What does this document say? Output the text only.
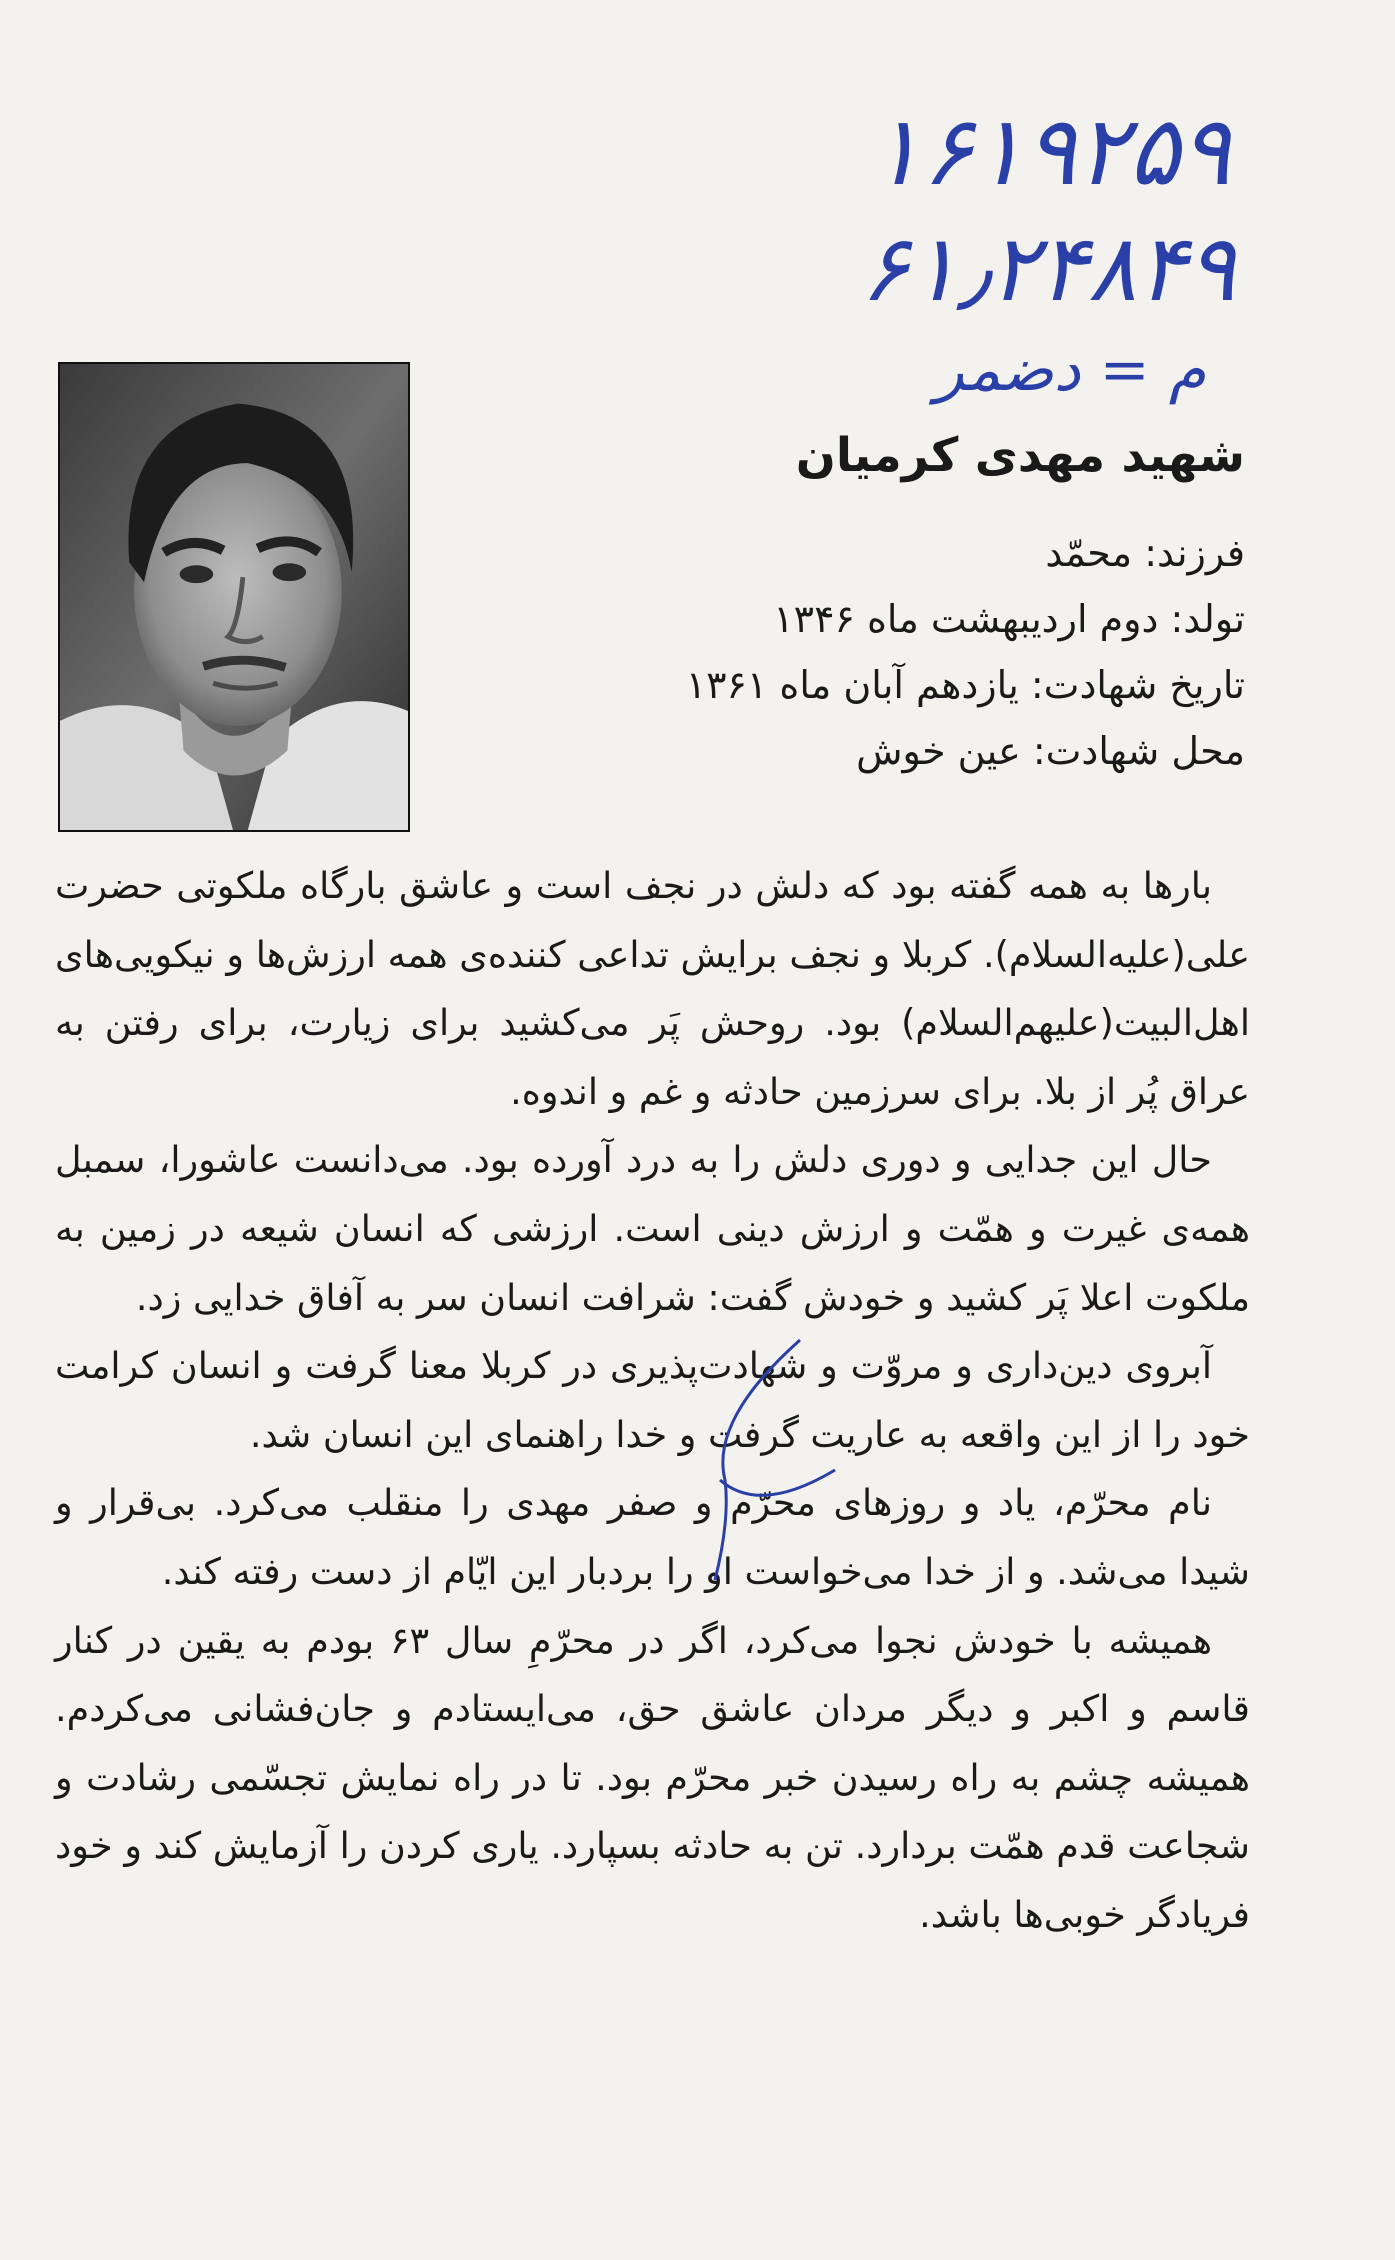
۱۶۱۹۲۵۹
۶۱٫۲۴۸۴۹
م = د‌‌‌‌‌‌ضمر
شهید مهدی کرمیان

فرزند: محمّد

تولد: دوم اردیبهشت ماه ۱۳۴۶

تاریخ شهادت: یازدهم آبان ماه ۱۳۶۱

محل شهادت: عین خوش

بارها به همه گفته بود که دلش در نجف است و عاشق بارگاه ملکوتی حضرت علی(علیه‌السلام). کربلا و نجف برایش تداعی کننده‌ی همه ارزش‌ها و نیکویی‌های اهل‌البیت(علیهم‌السلام) بود. روحش پَر می‌کشید برای زیارت، برای رفتن به عراق پُر از بلا. برای سرزمین حادثه و غم و اندوه.

حال این جدایی و دوری دلش را به درد آورده بود. می‌دانست عاشورا، سمبل همه‌ی غیرت و همّت و ارزش دینی است. ارزشی که انسان شیعه در زمین به ملکوت اعلا پَر کشید و خودش گفت: شرافت انسان سر به آفاق خدایی زد.

آبروی دین‌داری و مروّت و شهادت‌پذیری در کربلا معنا گرفت و انسان کرامت خود را از این واقعه به عاریت گرفت و خدا راهنمای این انسان شد.

نام محرّم، یاد و روزهای محرّم و صفر مهدی را منقلب می‌کرد. بی‌قرار و شیدا می‌شد. و از خدا می‌خواست او را بردبار این ایّام از دست رفته کند.

همیشه با خودش نجوا می‌کرد، اگر در محرّمِ سال ۶۳ بودم به یقین در کنار قاسم و اکبر و دیگر مردان عاشق حق، می‌ایستادم و جان‌فشانی می‌کردم. همیشه چشم به راه رسیدن خبر محرّم بود. تا در راه نمایش تجسّمی رشادت و شجاعت قدم همّت بردارد. تن به حادثه بسپارد. یاری کردن را آزمایش کند و خود فریادگر خوبی‌ها باشد.
